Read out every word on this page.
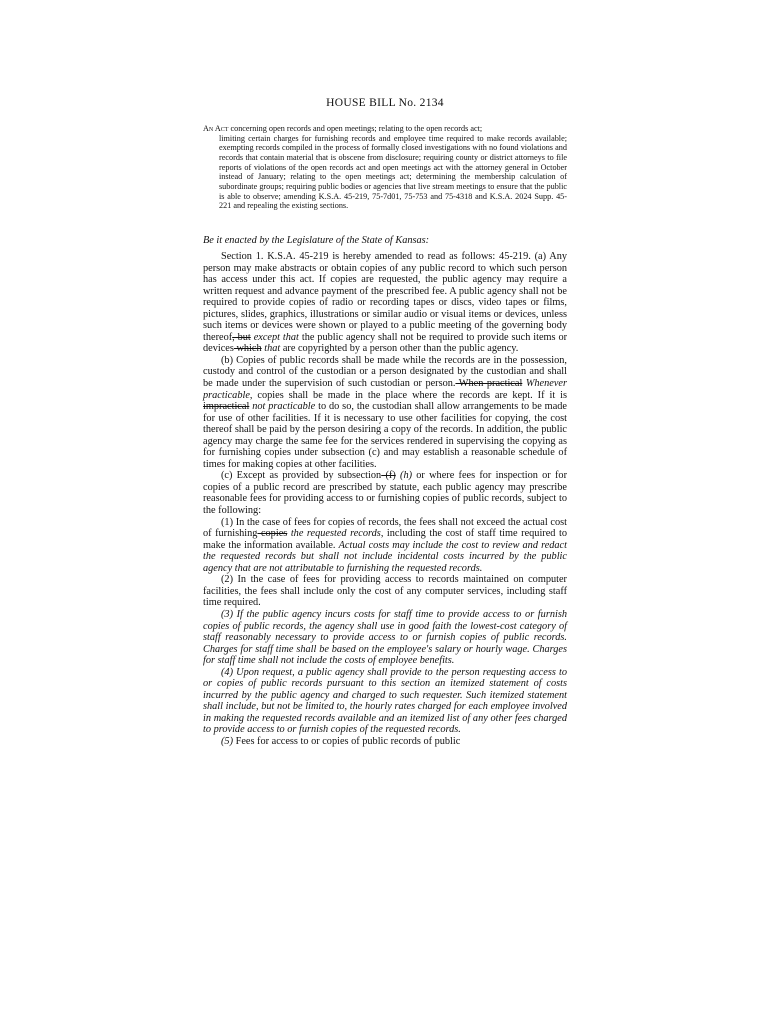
HOUSE BILL No. 2134
An Act concerning open records and open meetings; relating to the open records act;
limiting certain charges for furnishing records and employee time required to make records available; exempting records compiled in the process of formally closed investigations with no found violations and records that contain material that is obscene from disclosure; requiring county or district attorneys to file reports of violations of the open records act and open meetings act with the attorney general in October instead of January; relating to the open meetings act; determining the membership calculation of subordinate groups; requiring public bodies or agencies that live stream meetings to ensure that the public is able to observe; amending K.S.A. 45-219, 75-7d01, 75-753 and 75-4318 and K.S.A. 2024 Supp. 45-221 and repealing the existing sections.
Be it enacted by the Legislature of the State of Kansas:

Section 1. K.S.A. 45-219 is hereby amended to read as follows: 45-219. (a) Any person may make abstracts or obtain copies of any public record to which such person has access under this act. If copies are requested, the public agency may require a written request and advance payment of the prescribed fee. A public agency shall not be required to provide copies of radio or recording tapes or discs, video tapes or films, pictures, slides, graphics, illustrations or similar audio or visual items or devices, unless such items or devices were shown or played to a public meeting of the governing body thereof, but except that the public agency shall not be required to provide such items or devices which that are copyrighted by a person other than the public agency.

(b) Copies of public records shall be made while the records are in the possession, custody and control of the custodian or a person designated by the custodian and shall be made under the supervision of such custodian or person. When practical Whenever practicable, copies shall be made in the place where the records are kept. If it is impractical not practicable to do so, the custodian shall allow arrangements to be made for use of other facilities. If it is necessary to use other facilities for copying, the cost thereof shall be paid by the person desiring a copy of the records. In addition, the public agency may charge the same fee for the services rendered in supervising the copying as for furnishing copies under subsection (c) and may establish a reasonable schedule of times for making copies at other facilities.

(c) Except as provided by subsection (f) (h) or where fees for inspection or for copies of a public record are prescribed by statute, each public agency may prescribe reasonable fees for providing access to or furnishing copies of public records, subject to the following:

(1) In the case of fees for copies of records, the fees shall not exceed the actual cost of furnishing copies the requested records, including the cost of staff time required to make the information available. Actual costs may include the cost to review and redact the requested records but shall not include incidental costs incurred by the public agency that are not attributable to furnishing the requested records.

(2) In the case of fees for providing access to records maintained on computer facilities, the fees shall include only the cost of any computer services, including staff time required.

(3) If the public agency incurs costs for staff time to provide access to or furnish copies of public records, the agency shall use in good faith the lowest-cost category of staff reasonably necessary to provide access to or furnish copies of public records. Charges for staff time shall be based on the employee's salary or hourly wage. Charges for staff time shall not include the costs of employee benefits.

(4) Upon request, a public agency shall provide to the person requesting access to or copies of public records pursuant to this section an itemized statement of costs incurred by the public agency and charged to such requester. Such itemized statement shall include, but not be limited to, the hourly rates charged for each employee involved in making the requested records available and an itemized list of any other fees charged to provide access to or furnish copies of the requested records.

(5) Fees for access to or copies of public records of public
